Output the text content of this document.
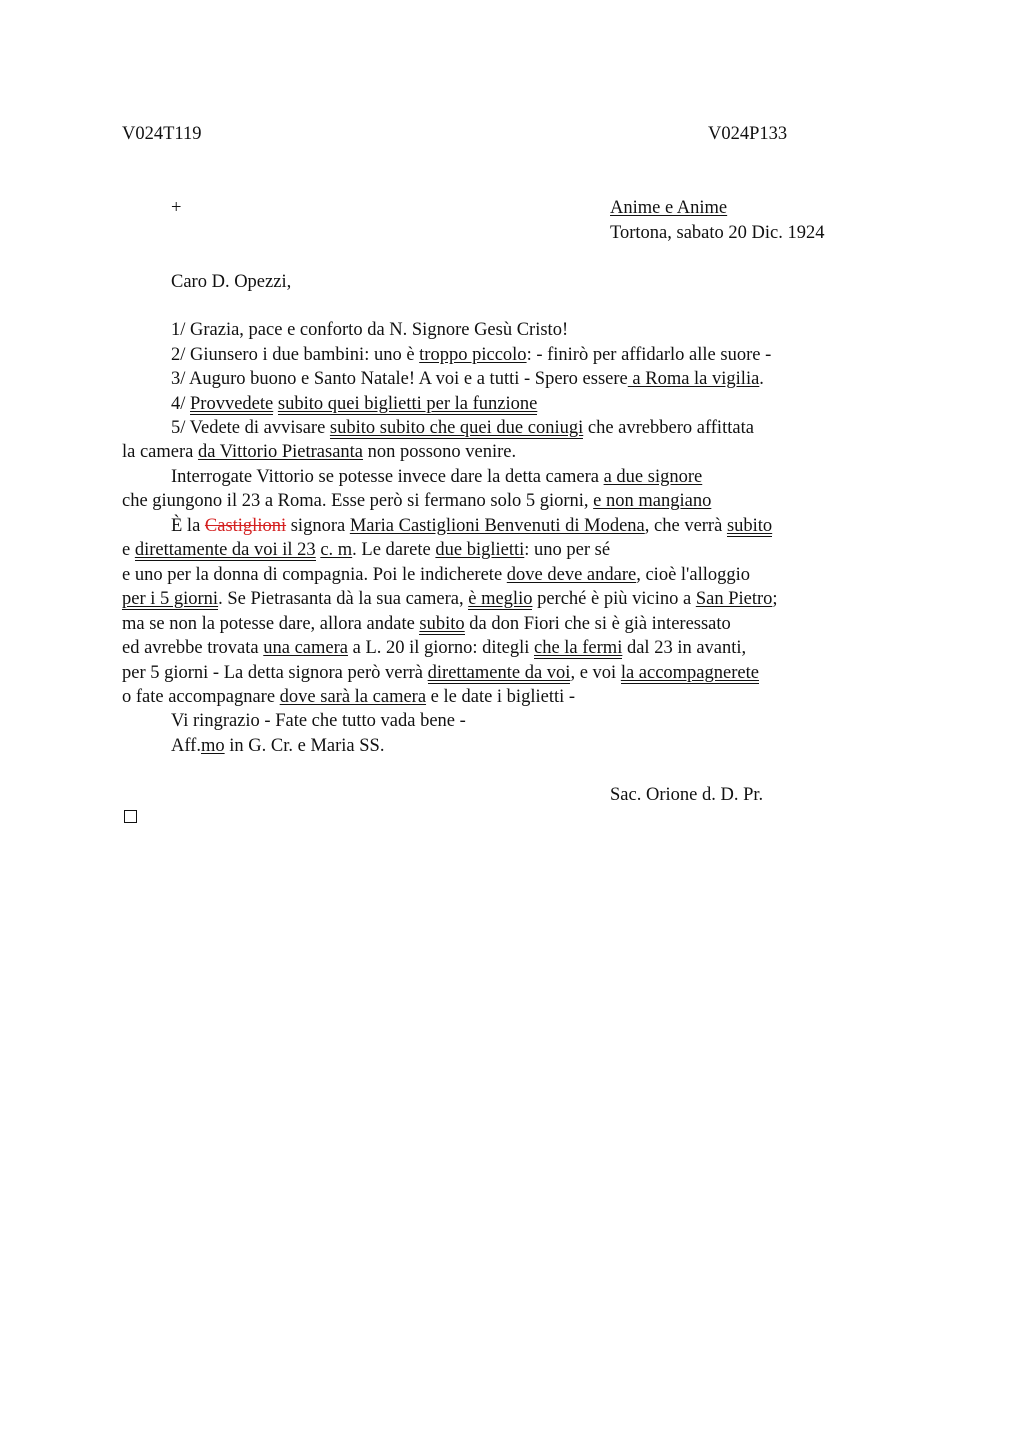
V024T119	V024P133
+	Anime e Anime
Tortona, sabato 20 Dic. 1924
Caro D. Opezzi,
1/ Grazia, pace e conforto da N. Signore Gesù Cristo!
2/ Giunsero i due bambini: uno è troppo piccolo: - finirò per affidarlo alle suore -
3/ Auguro buono e Santo Natale! A voi e a tutti - Spero essere a Roma la vigilia.
4/ Provvedete subito quei biglietti per la funzione
5/ Vedete di avvisare subito subito che quei due coniugi che avrebbero affittata
la camera da Vittorio Pietrasanta non possono venire.
Interrogate Vittorio se potesse invece dare la detta camera a due signore
che giungono il 23 a Roma. Esse però si fermano solo 5 giorni, e non mangiano
È la Castiglioni signora Maria Castiglioni Benvenuti di Modena, che verrà subito
e direttamente da voi il 23 c. m. Le darete due biglietti: uno per sé
e uno per la donna di compagnia. Poi le indicherete dove deve andare, cioè l'alloggio
per i 5 giorni. Se Pietrasanta dà la sua camera, è meglio perché è più vicino a San Pietro;
ma se non la potesse dare, allora andate subito da don Fiori che si è già interessato
ed avrebbe trovata una camera a L. 20 il giorno: ditegli che la fermi dal 23 in avanti,
per 5 giorni - La detta signora però verrà direttamente da voi, e voi la accompagnerete
o fate accompagnare dove sarà la camera e le date i biglietti -
Vi ringrazio - Fate che tutto vada bene -
Aff.mo in G. Cr. e Maria SS.
Sac. Orione d. D. Pr.
